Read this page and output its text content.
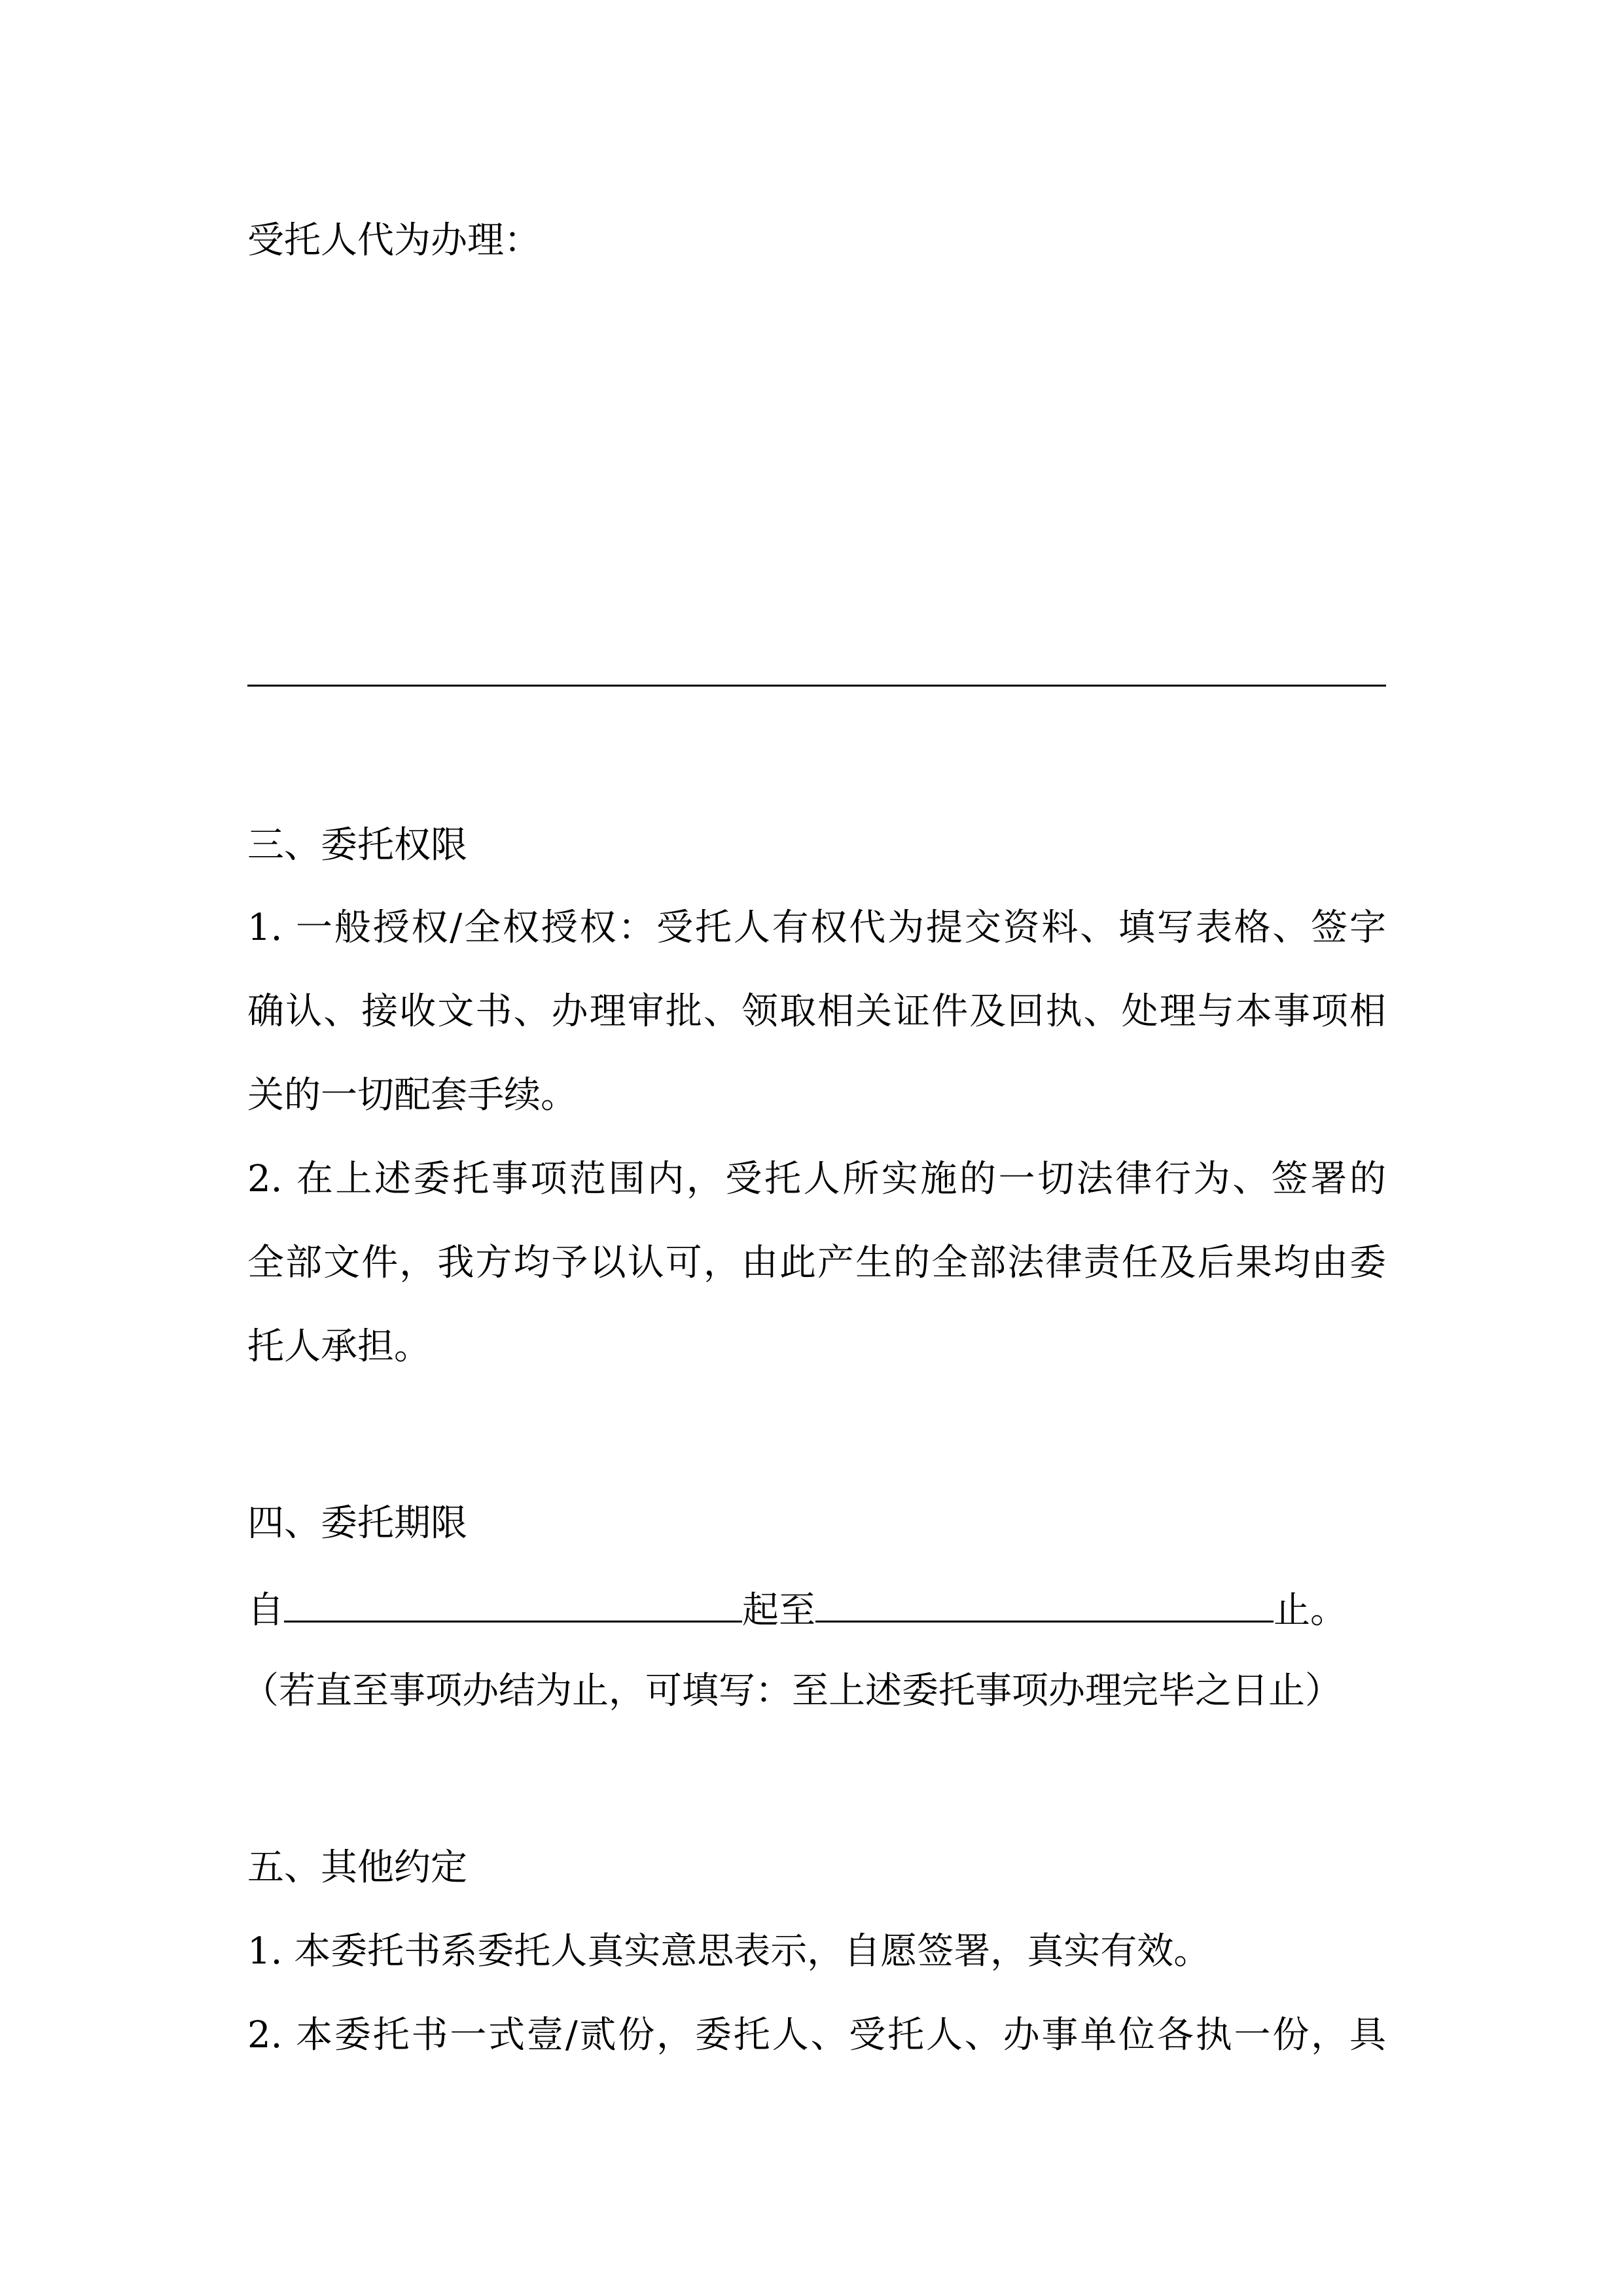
受托人代为办理：
三、委托权限
1. 一般授权/全权授权：受托人有权代为提交资料、填写表格、签字
确认、接收文书、办理审批、领取相关证件及回执、处理与本事项相
关的一切配套手续。
2. 在上述委托事项范围内，受托人所实施的一切法律行为、签署的
全部文件，我方均予以认可，由此产生的全部法律责任及后果均由委
托人承担。
四、委托期限
自	起至	止。
（若直至事项办结为止，可填写：至上述委托事项办理完毕之日止）
五、其他约定
1. 本委托书系委托人真实意思表示，自愿签署，真实有效。
2. 本委托书一式壹/贰份，委托人、受托人、办事单位各执一份，具
